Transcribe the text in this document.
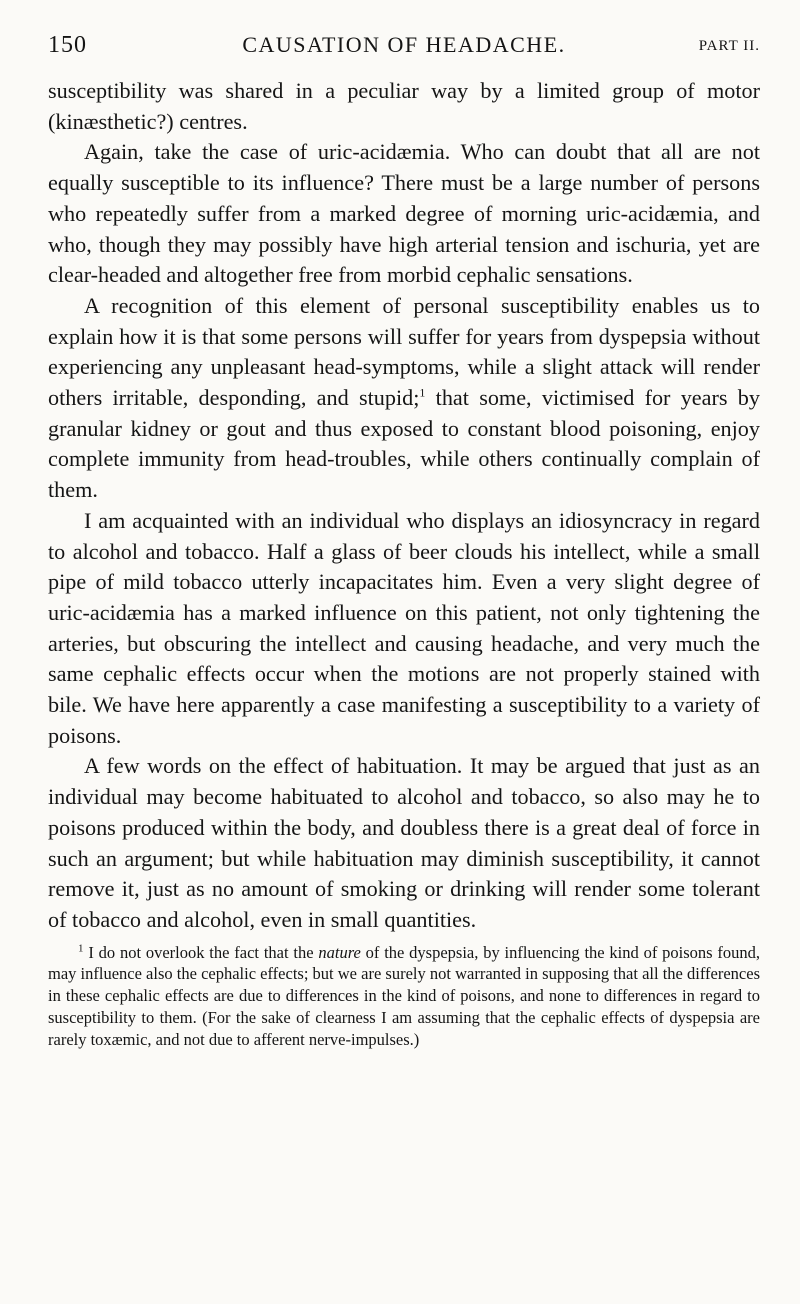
150	CAUSATION OF HEADACHE.	PART II.

susceptibility was shared in a peculiar way by a limited group of motor (kinæsthetic?) centres.

Again, take the case of uric-acidæmia. Who can doubt that all are not equally susceptible to its influence? There must be a large number of persons who repeatedly suffer from a marked degree of morning uric-acidæmia, and who, though they may possibly have high arterial tension and ischuria, yet are clear-headed and altogether free from morbid cephalic sensations.

A recognition of this element of personal susceptibility enables us to explain how it is that some persons will suffer for years from dyspepsia without experiencing any unpleasant head-symptoms, while a slight attack will render others irritable, desponding, and stupid;$^1$ that some, victimised for years by granular kidney or gout and thus exposed to constant blood poisoning, enjoy complete immunity from head-troubles, while others continually complain of them.

I am acquainted with an individual who displays an idiosyncracy in regard to alcohol and tobacco. Half a glass of beer clouds his intellect, while a small pipe of mild tobacco utterly incapacitates him. Even a very slight degree of uric-acidæmia has a marked influence on this patient, not only tightening the arteries, but obscuring the intellect and causing headache, and very much the same cephalic effects occur when the motions are not properly stained with bile. We have here apparently a case manifesting a susceptibility to a variety of poisons.

A few words on the effect of habituation. It may be argued that just as an individual may become habituated to alcohol and tobacco, so also may he to poisons produced within the body, and doubless there is a great deal of force in such an argument; but while habituation may diminish susceptibility, it cannot remove it, just as no amount of smoking or drinking will render some tolerant of tobacco and alcohol, even in small quantities.

$^1$ I do not overlook the fact that the nature of the dyspepsia, by influencing the kind of poisons found, may influence also the cephalic effects; but we are surely not warranted in supposing that all the differences in these cephalic effects are due to differences in the kind of poisons, and none to differences in regard to susceptibility to them. (For the sake of clearness I am assuming that the cephalic effects of dyspepsia are rarely toxæmic, and not due to afferent nerve-impulses.)
